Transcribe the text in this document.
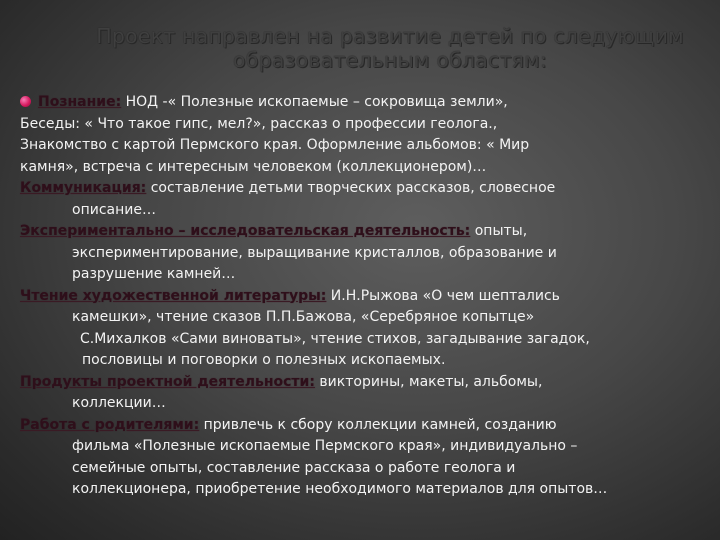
Проект направлен на развитие детей по следующим
образовательным областям:
Познание: НОД -« Полезные ископаемые – сокровища земли»,
Беседы: « Что такое гипс, мел?», рассказ о профессии геолога.,
Знакомство с картой Пермского края. Оформление альбомов: « Мир
камня», встреча с интересным человеком (коллекционером)…
Коммуникация: составление детьми творческих рассказов, словесное
описание…
Экспериментально – исследовательская деятельность: опыты,
экспериментирование, выращивание кристаллов, образование и
разрушение камней…
Чтение художественной литературы: И.Н.Рыжова «О чем шептались
камешки», чтение сказов П.П.Бажова, «Серебряное копытце»
С.Михалков «Сами виноваты», чтение стихов, загадывание загадок,
пословицы и поговорки о полезных ископаемых.
Продукты проектной деятельности: викторины, макеты, альбомы,
коллекции…
Работа с родителями: привлечь к сбору коллекции камней, созданию
фильма «Полезные ископаемые Пермского края», индивидуально –
семейные опыты, составление рассказа о работе геолога и
коллекционера, приобретение необходимого материалов для опытов…
